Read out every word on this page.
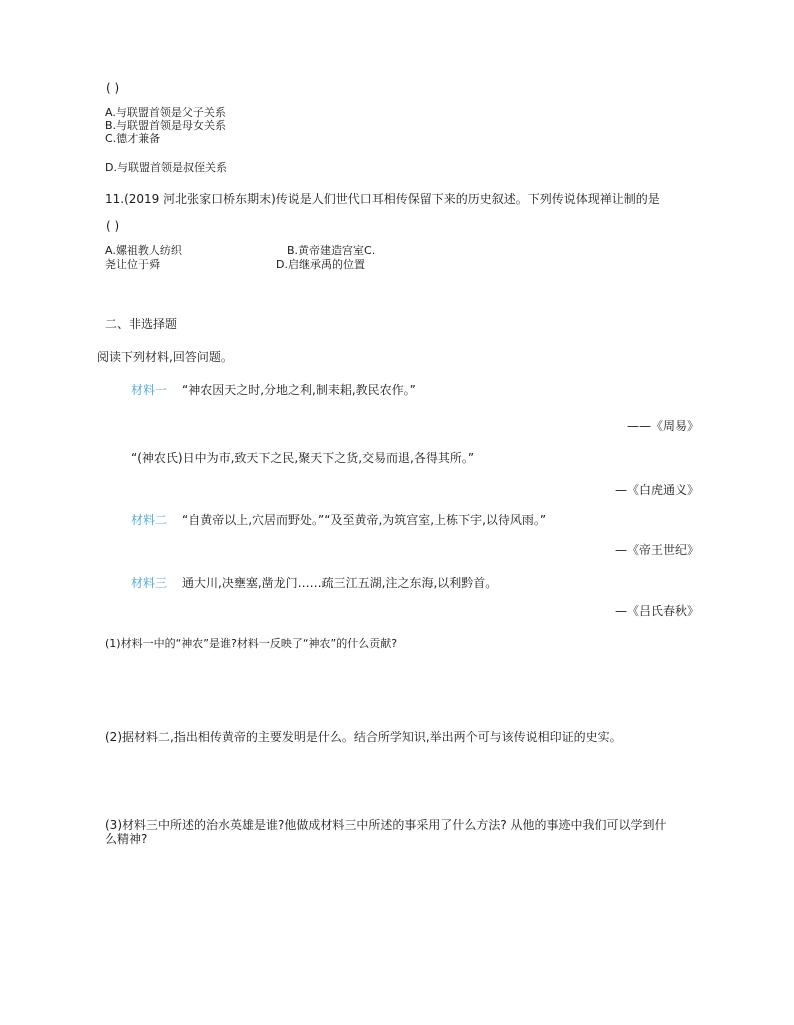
( )
A.与联盟首领是父子关系
B.与联盟首领是母女关系
C.德才兼备
D.与联盟首领是叔侄关系
11.(2019 河北张家口桥东期末)传说是人们世代口耳相传保留下来的历史叙述。下列传说体现禅让制的是
( )
A.嫘祖教人纺织	B.黄帝建造宫室C.
尧让位于舜	D.启继承禹的位置
二、非选择题
阅读下列材料,回答问题。
材料一 “神农因天之时,分地之利,制耒耜,教民农作。”
——《周易》
“(神农氏)日中为市,致天下之民,聚天下之货,交易而退,各得其所。”
—《白虎通义》
材料二 “自黄帝以上,穴居而野处。”“及至黄帝,为筑宫室,上栋下宇,以待风雨。”
—《帝王世纪》
材料三 通大川,决壅塞,凿龙门……疏三江五湖,注之东海,以利黔首。
—《吕氏春秋》
(1)材料一中的“神农”是谁?材料一反映了“神农”的什么贡献?
(2)据材料二,指出相传黄帝的主要发明是什么。结合所学知识,举出两个可与该传说相印证的史实。
(3)材料三中所述的治水英雄是谁?他做成材料三中所述的事采用了什么方法? 从他的事迹中我们可以学到什
么精神?
